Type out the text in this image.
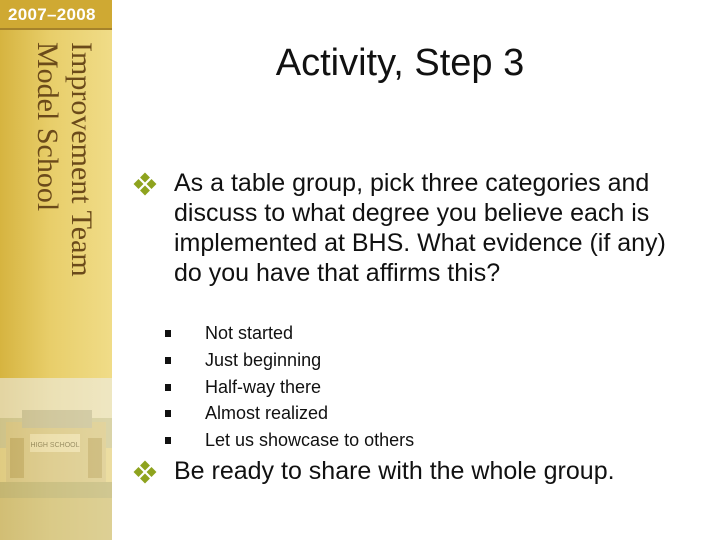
2007–2008
Model School Improvement Team
HIGH SCHOOL
Activity, Step 3
As a table group, pick three categories and discuss to what degree you believe each is implemented at BHS. What evidence (if any) do you have that affirms this?
Not started
Just beginning
Half-way there
Almost realized
Let us showcase to others
Be ready to share with the whole group.
